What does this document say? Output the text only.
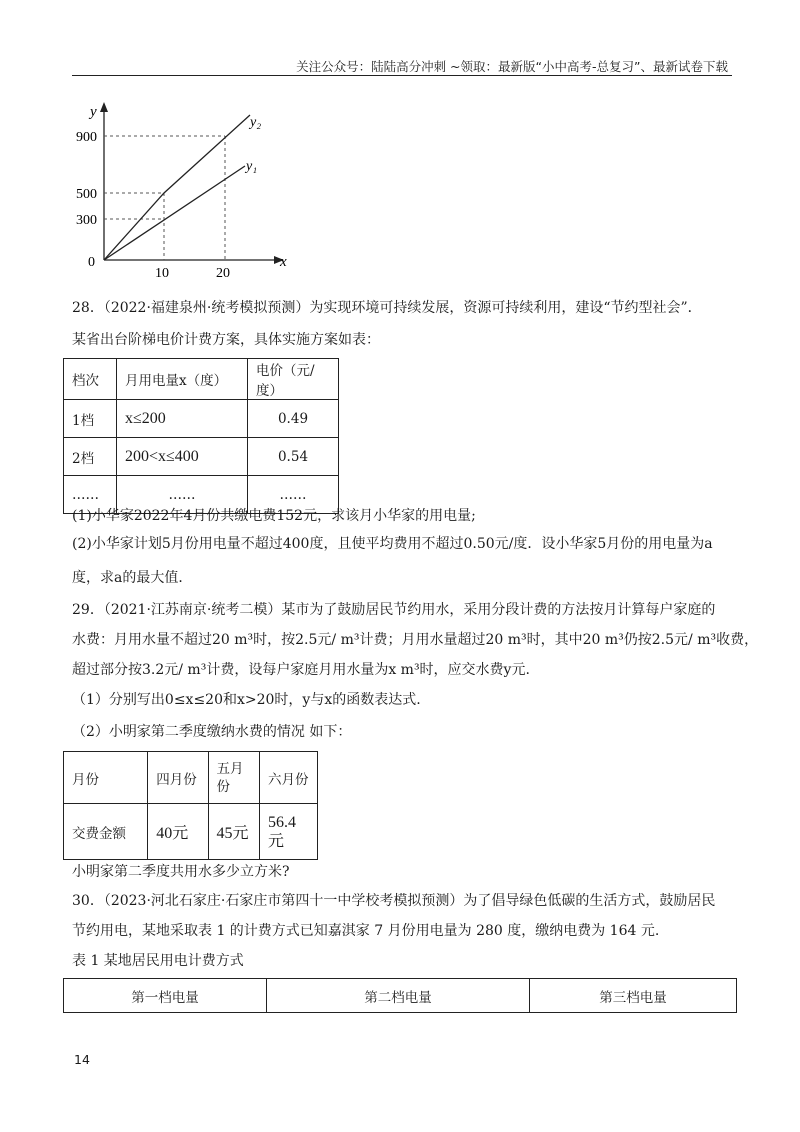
关注公众号：陆陆高分冲刺 ~领取：最新版“小中高考-总复习”、最新试卷下载
y
x
0
900
500
300
10	20
y₂
y₁
28．（2022·福建泉州·统考模拟预测）为实现环境可持续发展，资源可持续利用，建设“节约型社会”．
某省出台阶梯电价计费方案，具体实施方案如表：
档次	月用电量x（度）	电价（元/度）
1档	x≤200	0.49
2档	200<x≤400	0.54
……	……	……
(1)小华家2022年4月份共缴电费152元，求该月小华家的用电量;
(2)小华家计划5月份用电量不超过400度，且使平均费用不超过0.50元/度．设小华家5月份的用电量为a
度，求a的最大值．
29．（2021·江苏南京·统考二模）某市为了鼓励居民节约用水，采用分段计费的方法按月计算每户家庭的
水费：月用水量不超过20 m³时，按2.5元/ m³计费；月用水量超过20 m³时，其中20 m³仍按2.5元/ m³收费，
超过部分按3.2元/ m³计费，设每户家庭月用水量为x m³时，应交水费y元.
（1）分别写出0≤x≤20和x>20时，y与x的函数表达式.
（2）小明家第二季度缴纳水费的情况 如下：
月份	四月份	五月份	六月份
交费金额	40元	45元	56.4元
小明家第二季度共用水多少立方米?
30．（2023·河北石家庄·石家庄市第四十一中学校考模拟预测）为了倡导绿色低碳的生活方式，鼓励居民
节约用电，某地采取表 1 的计费方式已知嘉淇家 7 月份用电量为 280 度，缴纳电费为 164 元.
表 1 某地居民用电计费方式
第一档电量	第二档电量	第三档电量
14
